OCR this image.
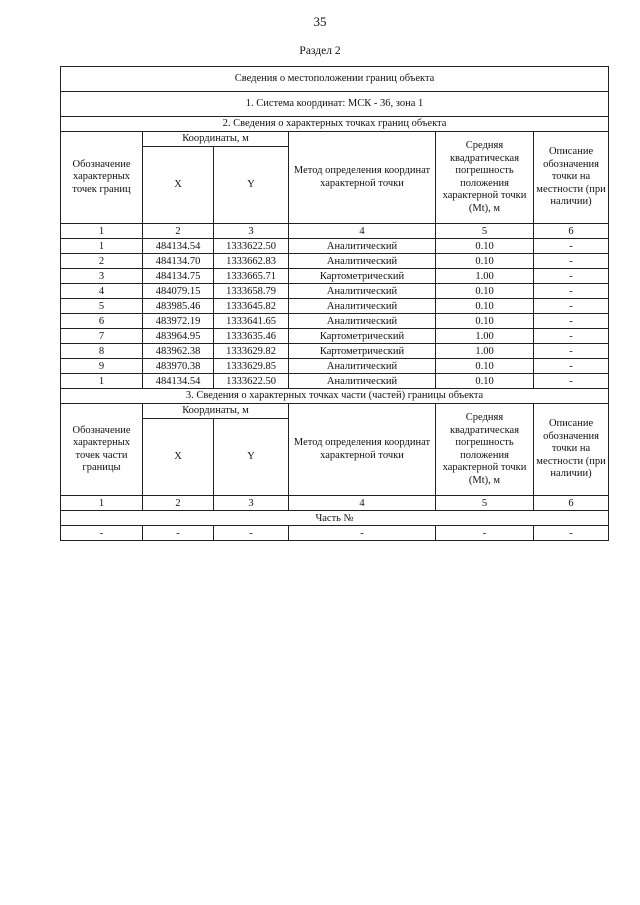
35
Раздел 2
Сведения о местоположении границ объекта					
1. Система координат: МСК - 36, зона 1					
2. Сведения о характерных точках границ объекта					
Обозначение характерных точек границ	Координаты, м		Метод определения координат характерной точки	Средняя квадратическая погрешность положения характерной точки (Mt), м	Описание обозначения точки на местности (при наличии)
	X	Y			
1	2	3	4	5	6
1	484134.54	1333622.50	Аналитический	0.10	-
2	484134.70	1333662.83	Аналитический	0.10	-
3	484134.75	1333665.71	Картометрический	1.00	-
4	484079.15	1333658.79	Аналитический	0.10	-
5	483985.46	1333645.82	Аналитический	0.10	-
6	483972.19	1333641.65	Аналитический	0.10	-
7	483964.95	1333635.46	Картометрический	1.00	-
8	483962.38	1333629.82	Картометрический	1.00	-
9	483970.38	1333629.85	Аналитический	0.10	-
1	484134.54	1333622.50	Аналитический	0.10	-
3. Сведения о характерных точках части (частей) границы объекта					
Обозначение характерных точек части границы	Координаты, м		Метод определения координат характерной точки	Средняя квадратическая погрешность положения характерной точки (Mt), м	Описание обозначения точки на местности (при наличии)
	X	Y			
1	2	3	4	5	6
Часть №					
-	-	-	-	-	-
